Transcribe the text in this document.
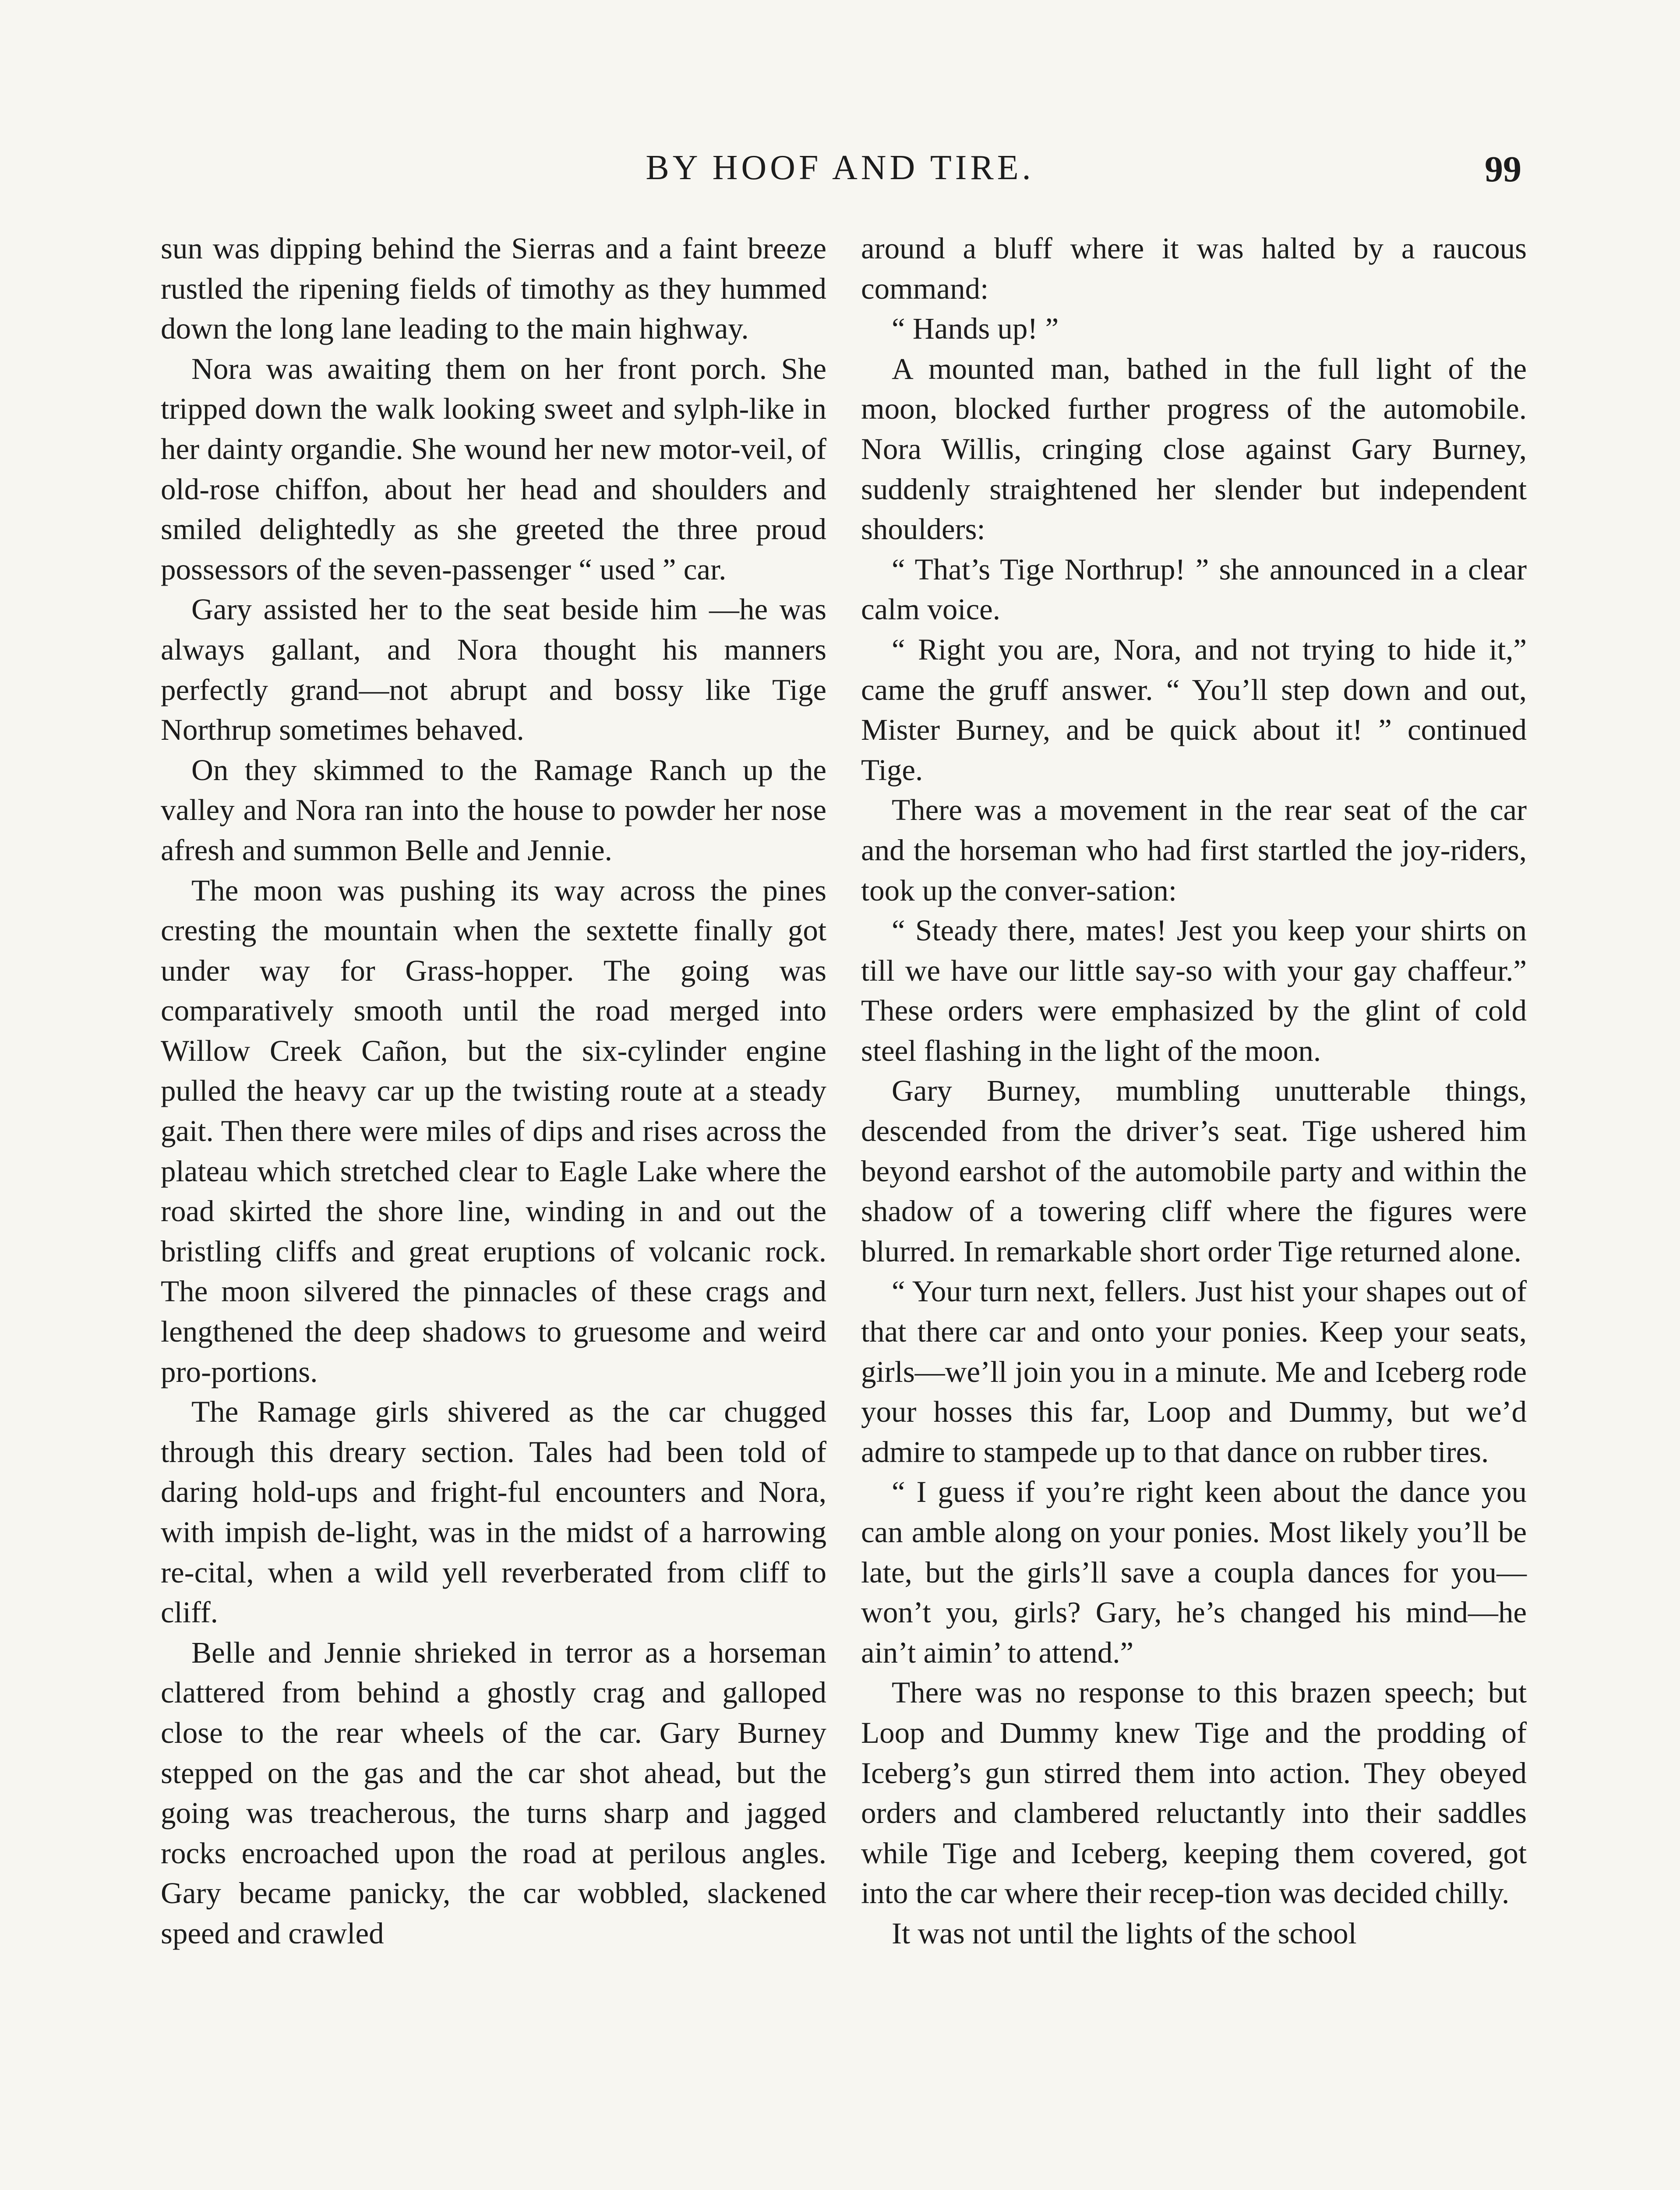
BY HOOF AND TIRE.	99

sun was dipping behind the Sierras and a faint breeze rustled the ripening fields of timothy as they hummed down the long lane leading to the main highway.

Nora was awaiting them on her front porch. She tripped down the walk looking sweet and sylph-like in her dainty organdie. She wound her new motor-veil, of old-rose chiffon, about her head and shoulders and smiled delightedly as she greeted the three proud possessors of the seven-passenger “ used ” car.

Gary assisted her to the seat beside him —he was always gallant, and Nora thought his manners perfectly grand—not abrupt and bossy like Tige Northrup sometimes behaved.

On they skimmed to the Ramage Ranch up the valley and Nora ran into the house to powder her nose afresh and summon Belle and Jennie.

The moon was pushing its way across the pines cresting the mountain when the sextette finally got under way for Grass-hopper. The going was comparatively smooth until the road merged into Willow Creek Cañon, but the six-cylinder engine pulled the heavy car up the twisting route at a steady gait. Then there were miles of dips and rises across the plateau which stretched clear to Eagle Lake where the road skirted the shore line, winding in and out the bristling cliffs and great eruptions of volcanic rock. The moon silvered the pinnacles of these crags and lengthened the deep shadows to gruesome and weird pro-portions.

The Ramage girls shivered as the car chugged through this dreary section. Tales had been told of daring hold-ups and fright-ful encounters and Nora, with impish de-light, was in the midst of a harrowing re-cital, when a wild yell reverberated from cliff to cliff.

Belle and Jennie shrieked in terror as a horseman clattered from behind a ghostly crag and galloped close to the rear wheels of the car. Gary Burney stepped on the gas and the car shot ahead, but the going was treacherous, the turns sharp and jagged rocks encroached upon the road at perilous angles. Gary became panicky, the car wobbled, slackened speed and crawled

around a bluff where it was halted by a raucous command:

“ Hands up! ”

A mounted man, bathed in the full light of the moon, blocked further progress of the automobile. Nora Willis, cringing close against Gary Burney, suddenly straightened her slender but independent shoulders:

“ That’s Tige Northrup! ” she announced in a clear calm voice.

“ Right you are, Nora, and not trying to hide it,” came the gruff answer. “ You’ll step down and out, Mister Burney, and be quick about it! ” continued Tige.

There was a movement in the rear seat of the car and the horseman who had first startled the joy-riders, took up the conver-sation:

“ Steady there, mates! Jest you keep your shirts on till we have our little say-so with your gay chaffeur.” These orders were emphasized by the glint of cold steel flashing in the light of the moon.

Gary Burney, mumbling unutterable things, descended from the driver’s seat. Tige ushered him beyond earshot of the automobile party and within the shadow of a towering cliff where the figures were blurred. In remarkable short order Tige returned alone.

“ Your turn next, fellers. Just hist your shapes out of that there car and onto your ponies. Keep your seats, girls—we’ll join you in a minute. Me and Iceberg rode your hosses this far, Loop and Dummy, but we’d admire to stampede up to that dance on rubber tires.

“ I guess if you’re right keen about the dance you can amble along on your ponies. Most likely you’ll be late, but the girls’ll save a coupla dances for you—won’t you, girls? Gary, he’s changed his mind—he ain’t aimin’ to attend.”

There was no response to this brazen speech; but Loop and Dummy knew Tige and the prodding of Iceberg’s gun stirred them into action. They obeyed orders and clambered reluctantly into their saddles while Tige and Iceberg, keeping them covered, got into the car where their recep-tion was decided chilly.

It was not until the lights of the school
